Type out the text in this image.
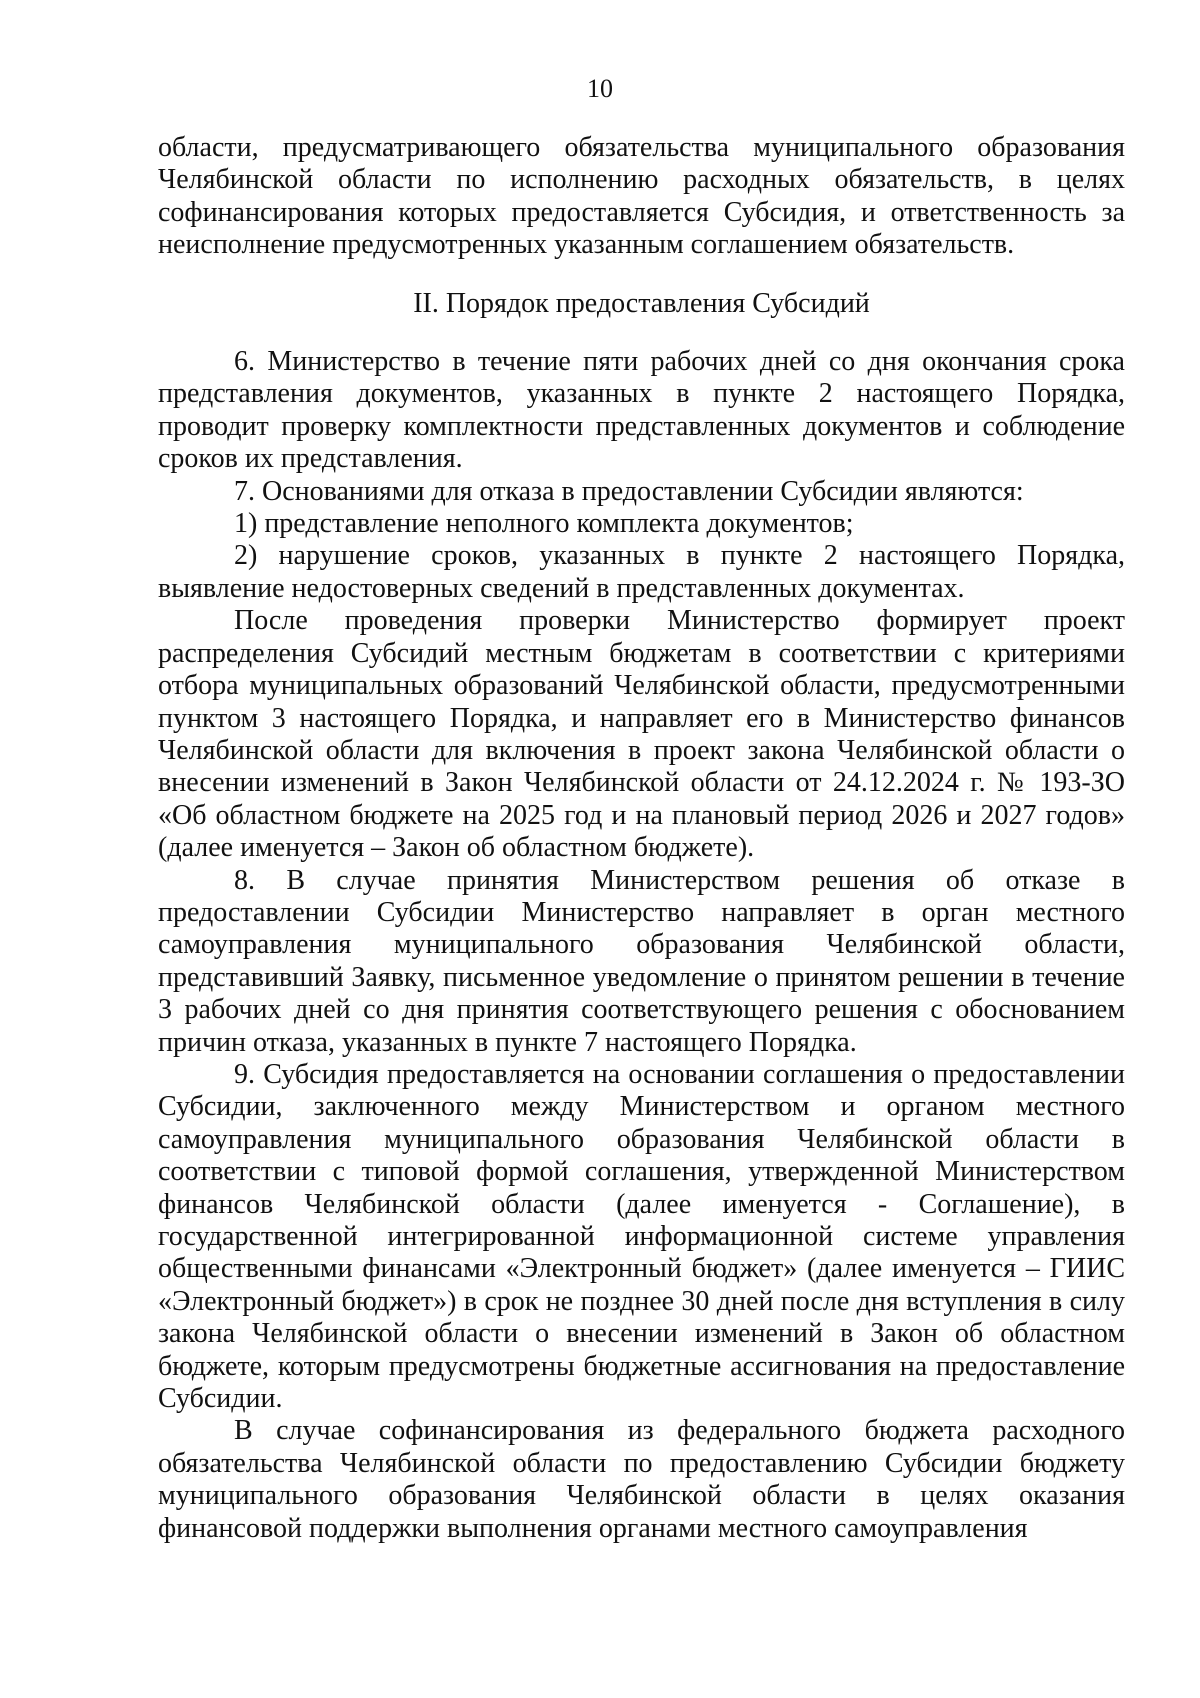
10

области, предусматривающего обязательства муниципального образования Челябинской области по исполнению расходных обязательств, в целях софинансирования которых предоставляется Субсидия, и ответственность за неисполнение предусмотренных указанным соглашением обязательств.

II. Порядок предоставления Субсидий

6. Министерство в течение пяти рабочих дней со дня окончания срока представления документов, указанных в пункте 2 настоящего Порядка, проводит проверку комплектности представленных документов и соблюдение сроков их представления.

7. Основаниями для отказа в предоставлении Субсидии являются:

1) представление неполного комплекта документов;

2) нарушение сроков, указанных в пункте 2 настоящего Порядка, выявление недостоверных сведений в представленных документах.

После проведения проверки Министерство формирует проект распределения Субсидий местным бюджетам в соответствии с критериями отбора муниципальных образований Челябинской области, предусмотренными пунктом 3 настоящего Порядка, и направляет его в Министерство финансов Челябинской области для включения в проект закона Челябинской области о внесении изменений в Закон Челябинской области от 24.12.2024 г. № 193-ЗО «Об областном бюджете на 2025 год и на плановый период 2026 и 2027 годов» (далее именуется – Закон об областном бюджете).

8. В случае принятия Министерством решения об отказе в предоставлении Субсидии Министерство направляет в орган местного самоуправления муниципального образования Челябинской области, представивший Заявку, письменное уведомление о принятом решении в течение 3 рабочих дней со дня принятия соответствующего решения с обоснованием причин отказа, указанных в пункте 7 настоящего Порядка.

9. Субсидия предоставляется на основании соглашения о предоставлении Субсидии, заключенного между Министерством и органом местного самоуправления муниципального образования Челябинской области в соответствии с типовой формой соглашения, утвержденной Министерством финансов Челябинской области (далее именуется - Соглашение), в государственной интегрированной информационной системе управления общественными финансами «Электронный бюджет» (далее именуется – ГИИС «Электронный бюджет») в срок не позднее 30 дней после дня вступления в силу закона Челябинской области о внесении изменений в Закон об областном бюджете, которым предусмотрены бюджетные ассигнования на предоставление Субсидии.

В случае софинансирования из федерального бюджета расходного обязательства Челябинской области по предоставлению Субсидии бюджету муниципального образования Челябинской области в целях оказания финансовой поддержки выполнения органами местного самоуправления
